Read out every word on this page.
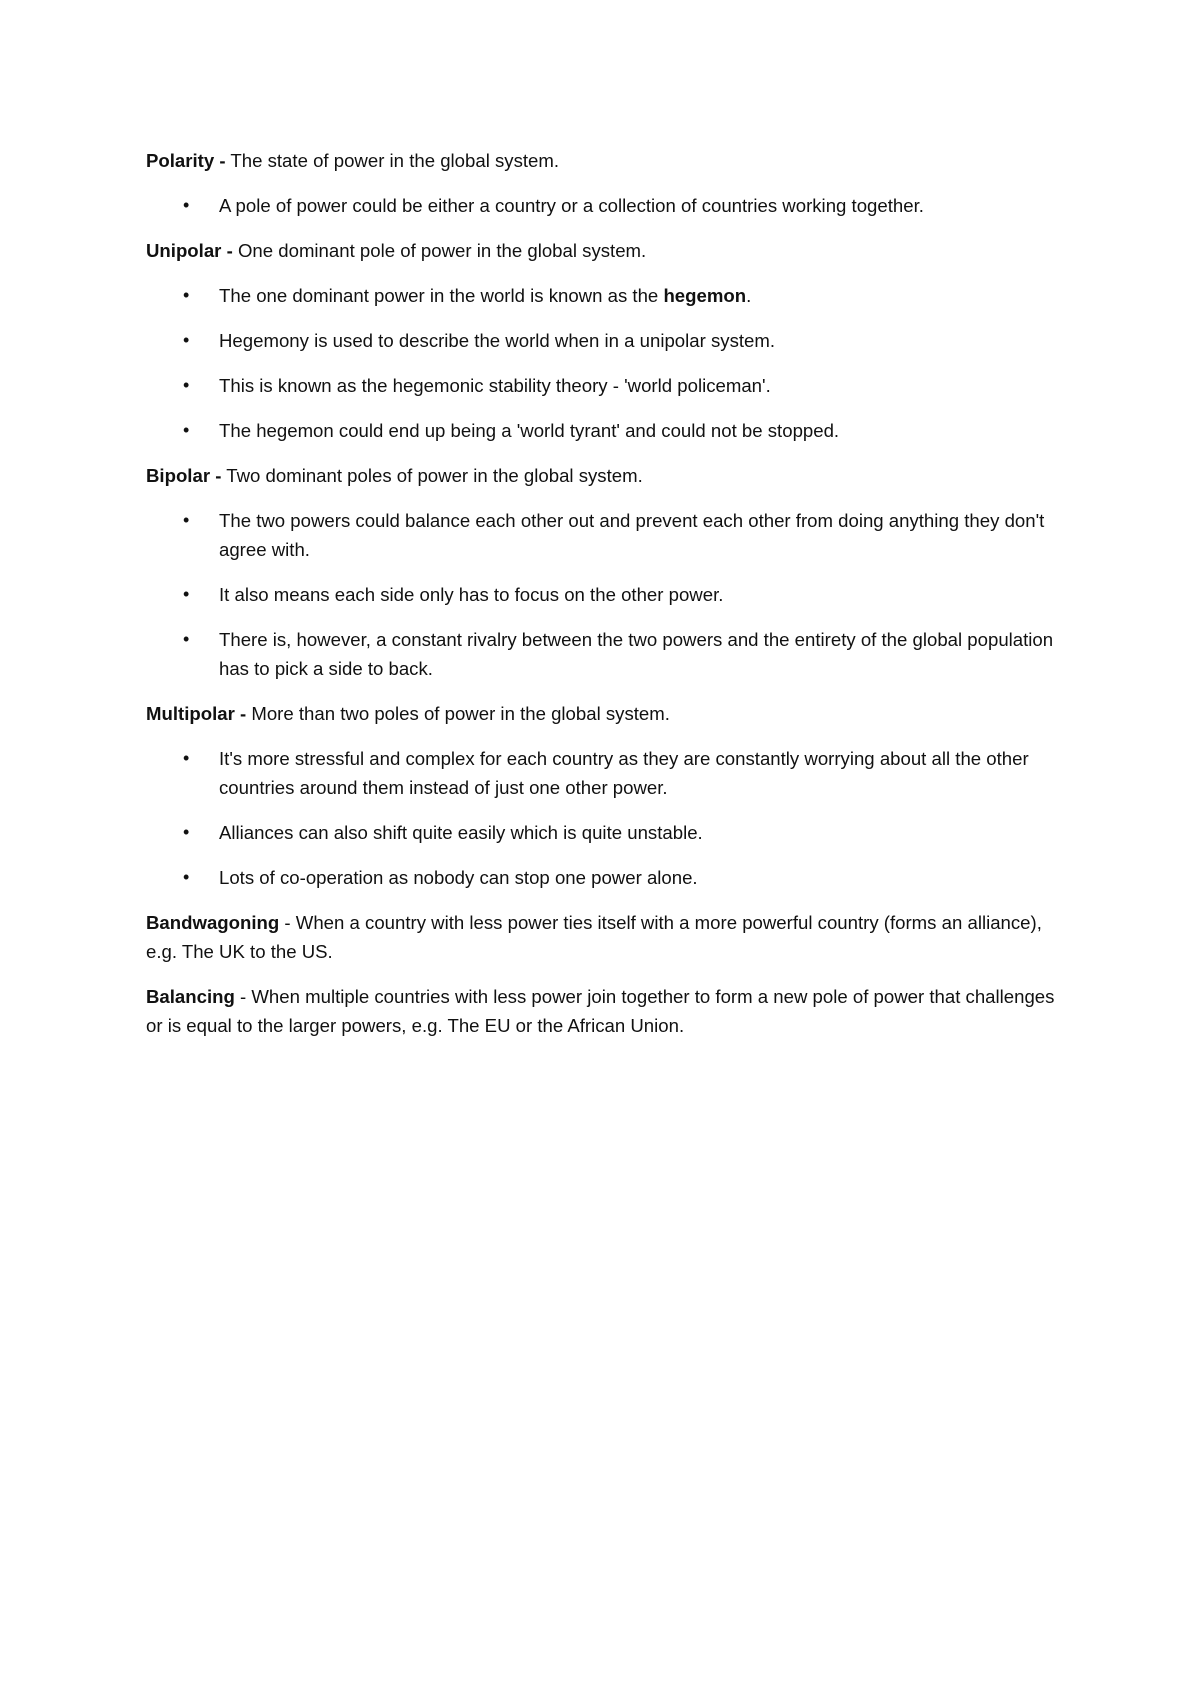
Polarity - The state of power in the global system.

• A pole of power could be either a country or a collection of countries working together.

Unipolar - One dominant pole of power in the global system.

• The one dominant power in the world is known as the hegemon.
• Hegemony is used to describe the world when in a unipolar system.
• This is known as the hegemonic stability theory - 'world policeman'.
• The hegemon could end up being a 'world tyrant' and could not be stopped.

Bipolar - Two dominant poles of power in the global system.

• The two powers could balance each other out and prevent each other from doing anything they don't agree with.
• It also means each side only has to focus on the other power.
• There is, however, a constant rivalry between the two powers and the entirety of the global population has to pick a side to back.

Multipolar - More than two poles of power in the global system.

• It's more stressful and complex for each country as they are constantly worrying about all the other countries around them instead of just one other power.
• Alliances can also shift quite easily which is quite unstable.
• Lots of co-operation as nobody can stop one power alone.

Bandwagoning - When a country with less power ties itself with a more powerful country (forms an alliance), e.g. The UK to the US.

Balancing - When multiple countries with less power join together to form a new pole of power that challenges or is equal to the larger powers, e.g. The EU or the African Union.
